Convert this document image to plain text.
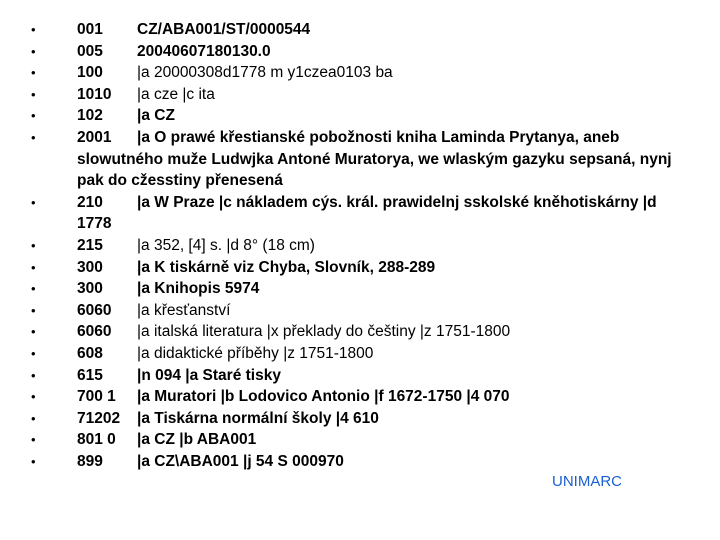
• 001 CZ/ABA001/ST/0000544
• 005 20040607180130.0
• 100 |a 20000308d1778 m y1czea0103 ba
• 1010 |a cze |c ita
• 102 |a CZ
• 2001 |a O prawé křestianské pobožnosti kniha Laminda Prytanya, aneb slowutného muže Ludwjka Antoné Muratorya, we wlaským gazyku sepsaná, nynj pak do cžesstiny přenesená
• 210 |a W Praze |c nákladem cýs. král. prawidelnj sskolské kněhotiskárny |d 1778
• 215 |a 352, [4] s. |d 8° (18 cm)
• 300 |a K tiskárně viz Chyba, Slovník, 288-289
• 300 |a Knihopis 5974
• 6060 |a křesťanství
• 6060 |a italská literatura |x překlady do češtiny |z 1751-1800
• 608 |a didaktické příběhy |z 1751-1800
• 615 |n 094 |a Staré tisky
• 700 1 |a Muratori |b Lodovico Antonio |f 1672-1750 |4 070
• 71202 |a Tiskárna normální školy |4 610
• 801 0 |a CZ |b ABA001
• 899 |a CZ\ABA001 |j 54 S 000970
UNIMARC
